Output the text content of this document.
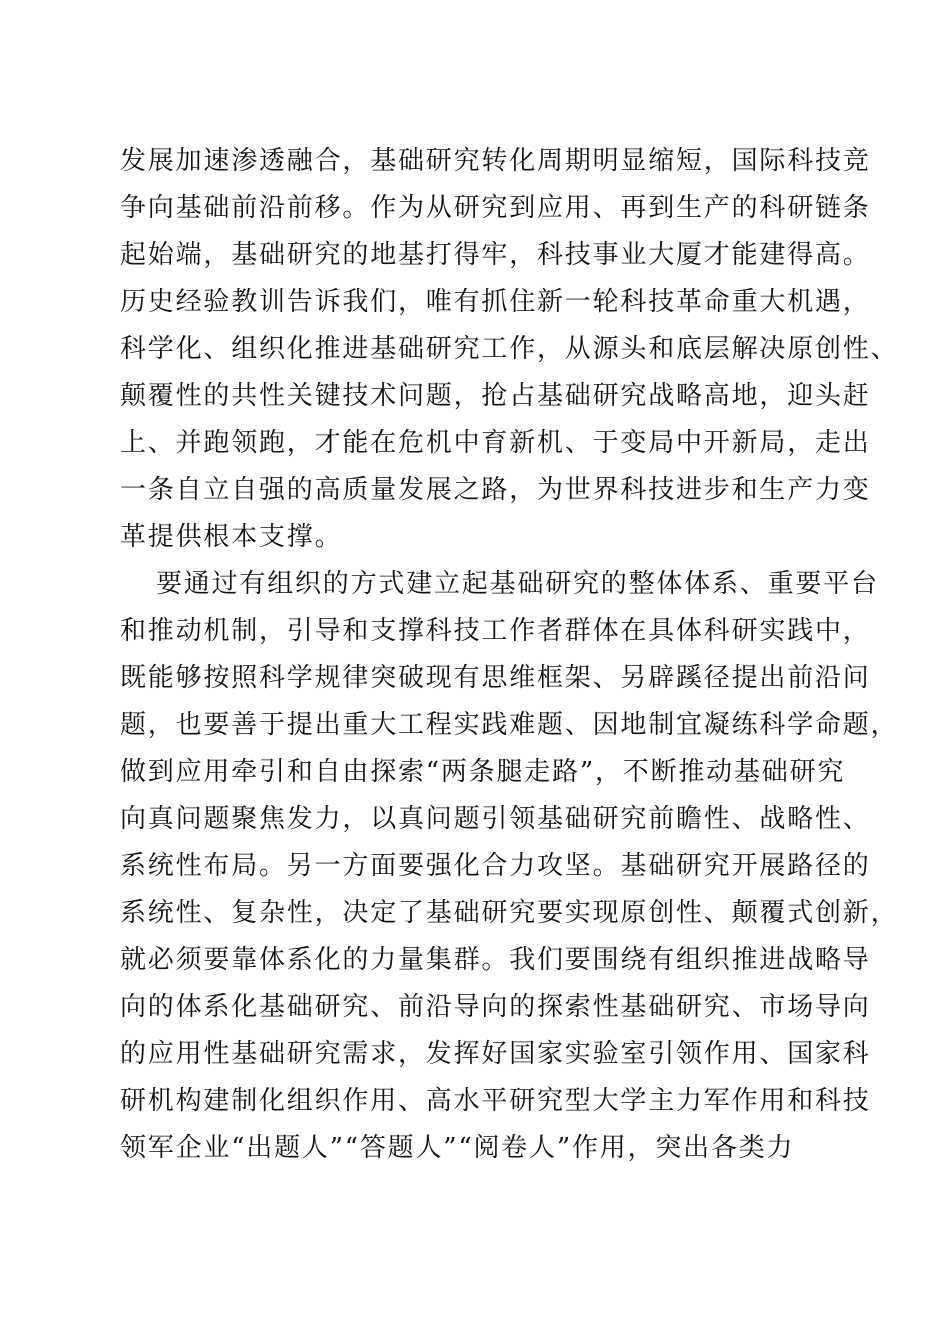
发展加速渗透融合，基础研究转化周期明显缩短，国际科技竞
争向基础前沿前移。作为从研究到应用、再到生产的科研链条
起始端，基础研究的地基打得牢，科技事业大厦才能建得高。
历史经验教训告诉我们，唯有抓住新一轮科技革命重大机遇，
科学化、组织化推进基础研究工作，从源头和底层解决原创性、
颠覆性的共性关键技术问题，抢占基础研究战略高地，迎头赶
上、并跑领跑，才能在危机中育新机、于变局中开新局，走出
一条自立自强的高质量发展之路，为世界科技进步和生产力变
革提供根本支撑。
要通过有组织的方式建立起基础研究的整体体系、重要平台
和推动机制，引导和支撑科技工作者群体在具体科研实践中，
既能够按照科学规律突破现有思维框架、另辟蹊径提出前沿问
题，也要善于提出重大工程实践难题、因地制宜凝练科学命题，
做到应用牵引和自由探索“两条腿走路”，不断推动基础研究
向真问题聚焦发力，以真问题引领基础研究前瞻性、战略性、
系统性布局。另一方面要强化合力攻坚。基础研究开展路径的
系统性、复杂性，决定了基础研究要实现原创性、颠覆式创新，
就必须要靠体系化的力量集群。我们要围绕有组织推进战略导
向的体系化基础研究、前沿导向的探索性基础研究、市场导向
的应用性基础研究需求，发挥好国家实验室引领作用、国家科
研机构建制化组织作用、高水平研究型大学主力军作用和科技
领军企业“出题人”“答题人”“阅卷人”作用，突出各类力
